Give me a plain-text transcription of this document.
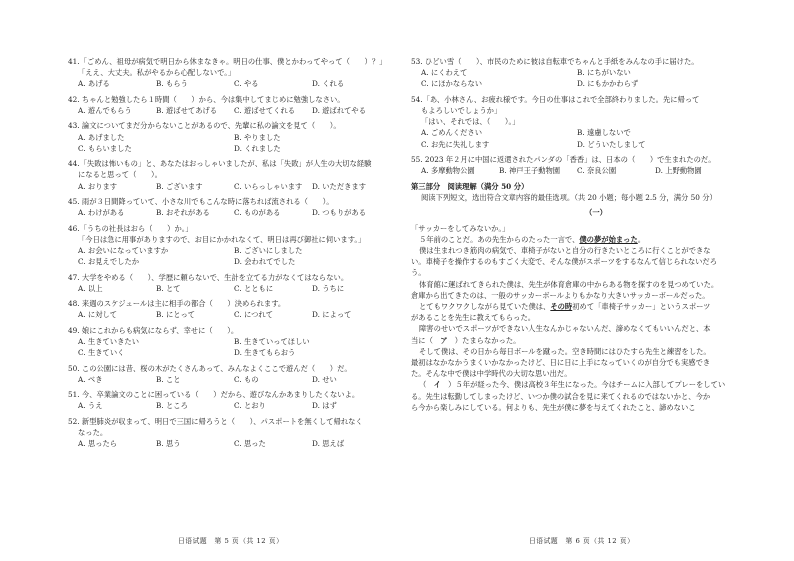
41.「ごめん、祖母が病気で明日から休まなきゃ。明日の仕事、僕とかわってやって（　　）？」
「ええ、大丈夫。私がやるから心配しないで。」
A. あげる	B. もらう	C. やる	D. くれる
42. ちゃんと勉強したら１時間（　　）から、今は集中してまじめに勉強しなさい。
A. 遊んでもらう	B. 遊ばせてあげる C. 遊ばせてくれる D. 遊ばれてやる
43. 論文についてまだ分からないことがあるので、先輩に私の論文を見て（　　）。
A. あげました	B. やりました
C. もらいました	D. くれました
44.「失敗は怖いもの」と、あなたはおっしゃいましたが、私は「失敗」が人生の大切な経験
になると思って（　　）。
A. おります	B. ございます	C. いらっしゃいます D. いただきます
45. 雨が３日間降っていて、小さな川でもこんな時に落ちれば流される（　　）。
A. わけがある	B. おそれがある	C. ものがある	D. つもりがある
46.「うちの社長はおら（　　）か。」
「今日は急に用事がありますので、お目にかかれなくて、明日は再び御社に伺います。」
A. お会いになっていますか	B. ございにしました
C. お見えでしたか	D. 会われてでした
47. 大学をやめる（　　）、学歴に頼らないで、生計を立てる力がなくてはならない。
A. 以上	B. とて	C. とともに	D. うちに
48. 来週のスケジュールは主に相手の都合（　　）決められます。
A. に対して	B. にとって	C. につれて	D. によって
49. 娘にこれからも病気にならず、幸せに（　　）。
A. 生きていきたい	B. 生きていってほしい
C. 生きていく	D. 生きてもらおう
50. この公園には昔、桜の木がたくさんあって、みんなよくここで遊んだ（　　）だ。
A. べき	B. こと	C. もの	D. せい
51. 今、卒業論文のことに困っている（　　）だから、遊びなんかあまりしたくないよ。
A. うえ	B. ところ	C. とおり	D. はず
52. 新型肺炎が収まって、明日で三国に帰ろうと（　　）、パスポートを無くして帰れなく
なった。
A. 思ったら	B. 思う	C. 思った	D. 思えば
日语试题　第 5 页（共 12 页）
53. ひどい雪（　　）、市民のために彼は自転車でちゃんと手紙をみんなの手に届けた。
A. にくわえて	B. にちがいない
C. にほかならない	D. にもかかわらず
54.「あ、小林さん、お疲れ様です。今日の仕事はこれで全部終わりました。先に帰って
もよろしいでしょうか」
「はい、それでは、（　　）。」
A. ごめんください	B. 遠慮しないで
C. お先に失礼します	D. どういたしまして
55. 2023 年２月に中国に返還されたパンダの「香香」は、日本の（　　）で生まれたのだ。
A. 多摩動物公園	B. 神戸王子動物園 C. 奈良公園	D. 上野動物園
第三部分　阅读理解（满分 50 分）
阅读下列短文，选出符合文章内容的最佳选项。（共 20 小题；每小题 2.5 分，满分 50 分）
（一）
「サッカーをしてみないか。」
５年前のことだ。あの先生からのたった一言で、僕の夢が始まった。
僕は生まれつき筋肉の病気で、車椅子がないと自分の行きたいところに行くことができな
い。車椅子を操作するのもすごく大変で、そんな僕がスポーツをするなんて信じられないだろ
う。
体育館に運ばれてきられた僕は、先生が体育倉庫の中からある物を探すのを見つめていた。
倉庫から出てきたのは、一般のサッカーボールよりもかなり大きいサッカーボールだった。
とてもワクワクしながら見ていた僕は、その時初めて「車椅子サッカー」というスポーツ
があることを先生に教えてもらった。
障害のせいでスポーツができない人生なんかじゃないんだ、諦めなくてもいいんだと、本
当に（　ア　）たまらなかった。
そして僕は、その日から毎日ボールを蹴った。空き時間にはひたすら先生と練習をした。
最初はなかなかうまくいかなかったけど、日に日に上手になっていくのが自分でも実感でき
た。そんな中で僕は中学時代の大切な思い出だ。
（　イ　）５年が経った今、僕は高校３年生になった。今はチームに入部してプレーをしてい
る。先生は転勤してしまったけど、いつか僕の試合を見に来てくれるのではないかと、今か
ら今から楽しみにしている。何よりも、先生が僕に夢を与えてくれたこと、諦めないこ
日语试题　第 6 页（共 12 页）
